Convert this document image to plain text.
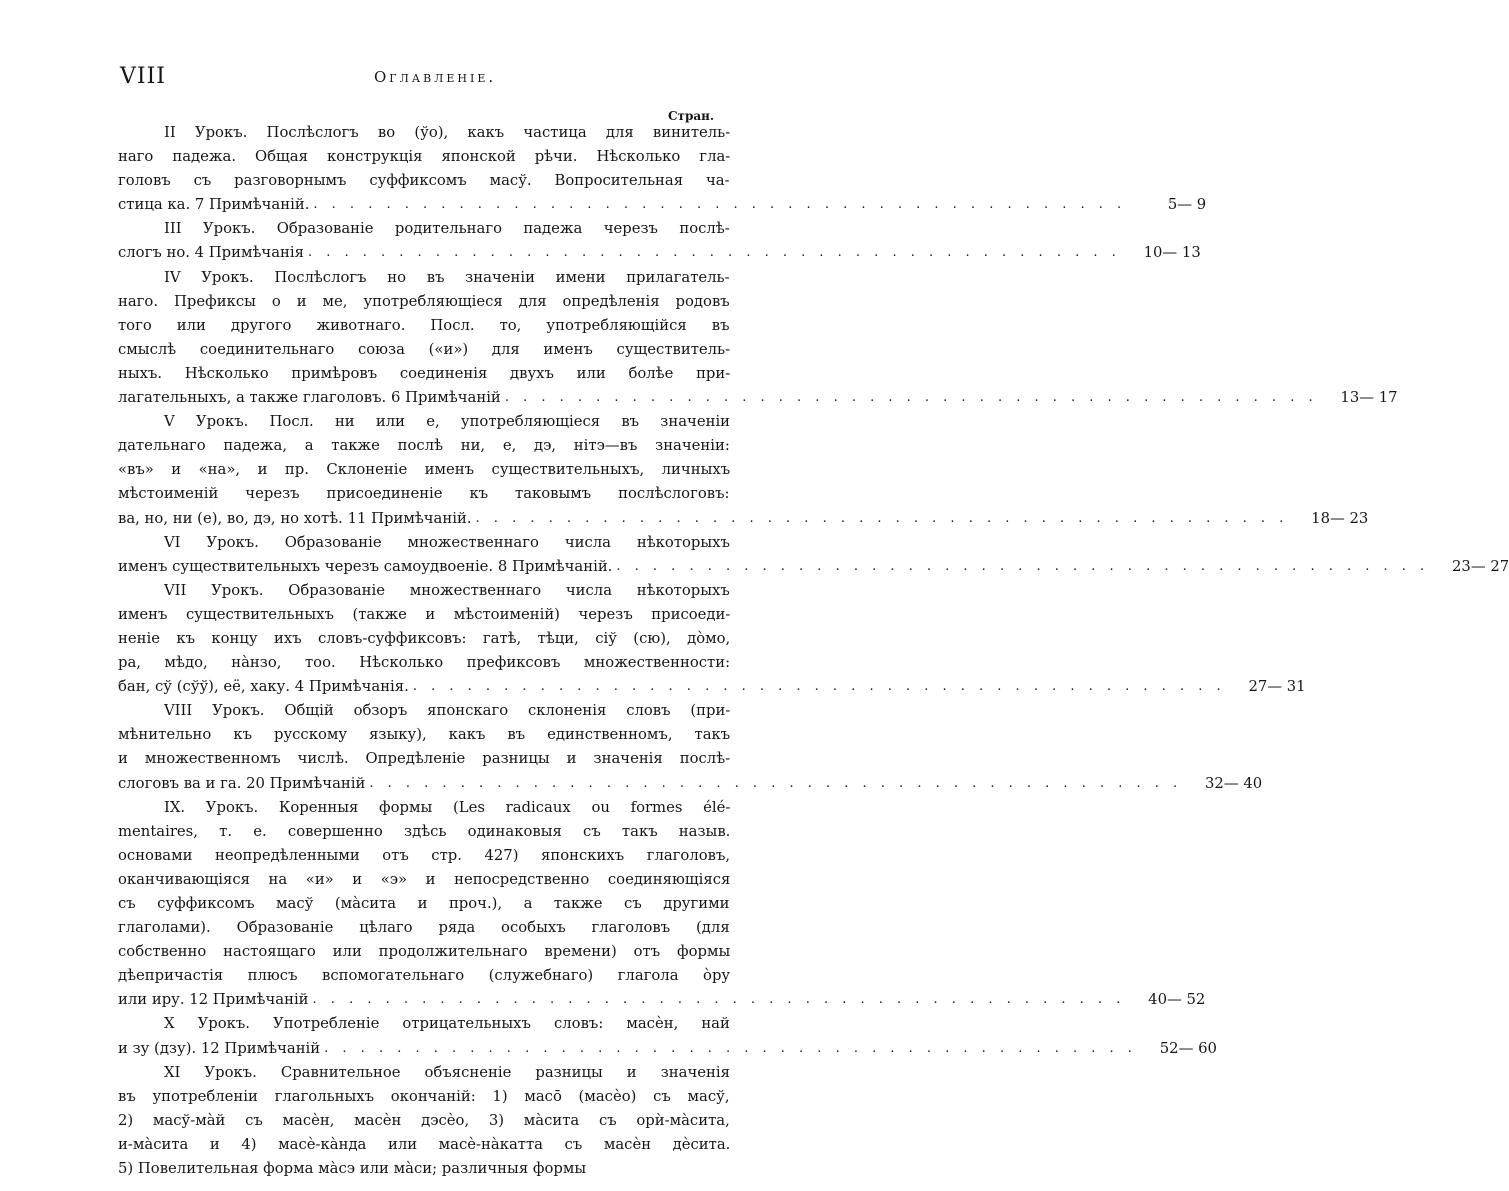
VIII	Оглавленіе.
Стран.
II Урокъ. Послѣслогъ во (ўо), какъ частица для винитель-
наго падежа. Общая конструкція японской рѣчи. Нѣсколько гла-
головъ съ разговорнымъ суффиксомъ масў. Вопросительная ча-
стица ка. 7 Примѣчаній. . . . . . . . . . . . . . . . . . . . . . . . . . . . . . . . . . . . . . . . . . . . . .	5— 9
III Урокъ. Образованіе родительнаго падежа черезъ послѣ-
слогъ но. 4 Примѣчанія . . . . . . . . . . . . . . . . . . . . . . . . . . . . . . . . . . . . . . . . . . . . .	10— 13
IV Урокъ. Послѣслогъ но въ значеніи имени прилагатель-
наго. Префиксы о и ме, употребляющіеся для опредѣленія родовъ
того или другого животнаго. Посл. то, употребляющійся въ
смыслѣ соединительнаго союза («и») для именъ существитель-
ныхъ. Нѣсколько примѣровъ соединенія двухъ или болѣе при-
лагательныхъ, а также глаголовъ. 6 Примѣчаній . . . . . . . . . . . . . . . . . . . . . . . . . . . . . . . . . . . . . . . . . . . . .	13— 17
V Урокъ. Посл. ни или е, употребляющіеся въ значеніи
дательнаго падежа, а также послѣ ни, е, дэ, нітэ—въ значеніи:
«въ» и «на», и пр. Склоненіе именъ существительныхъ, личныхъ
мѣстоименій черезъ присоединеніе къ таковымъ послѣслоговъ:
ва, но, ни (е), во, дэ, но хотѣ. 11 Примѣчаній. . . . . . . . . . . . . . . . . . . . . . . . . . . . . . . . . . . . . . . . . . . . . .	18— 23
VI Урокъ. Образованіе множественнаго числа нѣкоторыхъ
именъ существительныхъ черезъ самоудвоеніе. 8 Примѣчаній. . . . . . . . . . . . . . . . . . . . . . . . . . . . . . . . . . . . . . . . . . . . . .	23— 27
VII Урокъ. Образованіе множественнаго числа нѣкоторыхъ
именъ существительныхъ (также и мѣстоименій) черезъ присоеди-
неніе къ концу ихъ словъ-суффиксовъ: гатѣ, тѣци, сіў (сю), дòмо,
ра, мѣдо, нàнзо, тоо. Нѣсколько префиксовъ множественности:
бан, сў (сўў), её, хаку. 4 Примѣчанія. . . . . . . . . . . . . . . . . . . . . . . . . . . . . . . . . . . . . . . . . . . . . .	27— 31
VIII Урокъ. Общій обзоръ японскаго склоненія словъ (при-
мѣнительно къ русскому языку), какъ въ единственномъ, такъ
и множественномъ числѣ. Опредѣленіе разницы и значенія послѣ-
слоговъ ва и га. 20 Примѣчаній . . . . . . . . . . . . . . . . . . . . . . . . . . . . . . . . . . . . . . . . . . . . .	32— 40
IX. Урокъ. Коренныя формы (Les radicaux ou formes élé-
mentaires, т. е. совершенно здѣсь одинаковыя съ такъ назыв.
основами неопредѣленными отъ стр. 427) японскихъ глаголовъ,
оканчивающіяся на «и» и «э» и непосредственно соединяющіяся
съ суффиксомъ масў (мàсита и проч.), а также съ другими
глаголами). Образованіе цѣлаго ряда особыхъ глаголовъ (для
собственно настоящаго или продолжительнаго времени) отъ формы
дѣепричастія плюсъ вспомогательнаго (служебнаго) глагола òру
или иру. 12 Примѣчаній . . . . . . . . . . . . . . . . . . . . . . . . . . . . . . . . . . . . . . . . . . . . .	40— 52
X Урокъ. Употребленіе отрицательныхъ словъ: масѐн, най
и зу (дзу). 12 Примѣчаній . . . . . . . . . . . . . . . . . . . . . . . . . . . . . . . . . . . . . . . . . . . . .	52— 60
XI Урокъ. Сравнительное объясненіе разницы и значенія
въ употребленіи глагольныхъ окончаній: 1) масō (масѐо) съ масў,
2) масў-мàй съ масѐн, масѐн дэсѐо, 3) мàсита съ орѝ-мàсита,
и-мàсита и 4) масѐ-кàнда или масѐ-нàкатта съ масѐн дѐсита.
5) Повелительная форма мàсэ или мàси; различныя формы
